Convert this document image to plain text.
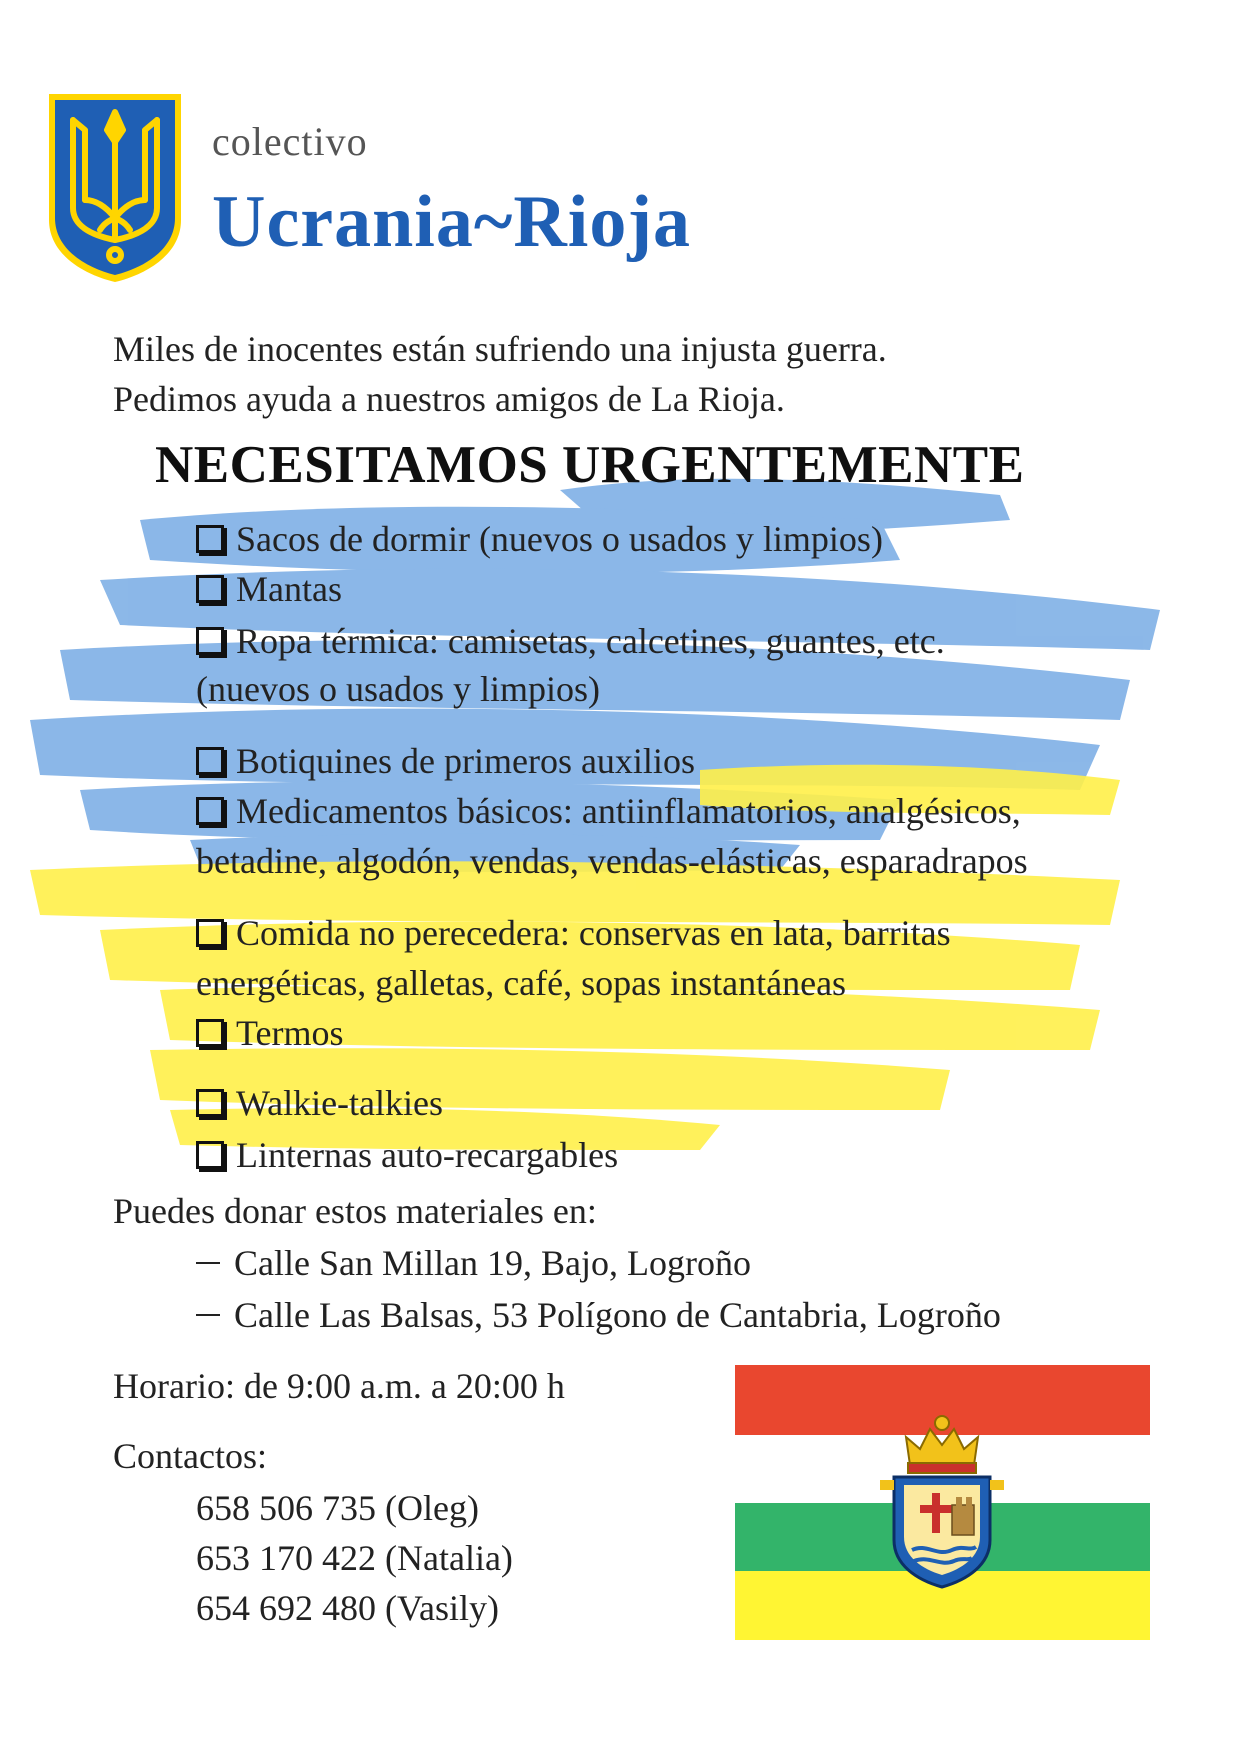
colectivo
Ucrania~Rioja
Miles de inocentes están sufriendo una injusta guerra.
Pedimos ayuda a nuestros amigos de La Rioja.
NECESITAMOS URGENTEMENTE
Sacos de dormir (nuevos o usados y limpios)
Mantas
Ropa térmica: camisetas, calcetines, guantes, etc.
(nuevos o usados y limpios)
Botiquines de primeros auxilios
Medicamentos básicos: antiinflamatorios, analgésicos,
betadine, algodón, vendas, vendas-elásticas, esparadrapos
Comida no perecedera: conservas en lata, barritas
energéticas, galletas, café, sopas instantáneas
Termos
Walkie-talkies
Linternas auto-recargables
Puedes donar estos materiales en:
Calle San Millan 19, Bajo, Logroño
Calle Las Balsas, 53 Polígono de Cantabria, Logroño
Horario: de 9:00 a.m. a 20:00 h
Contactos:
658 506 735 (Oleg)
653 170 422 (Natalia)
654 692 480 (Vasily)
